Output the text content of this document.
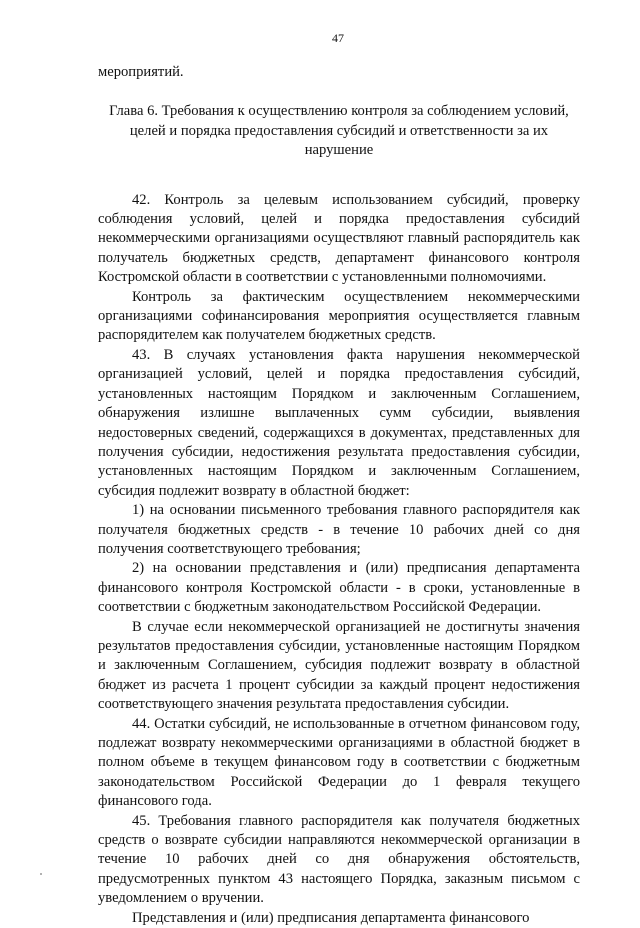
47

мероприятий.

Глава 6. Требования к осуществлению контроля за соблюдением условий, целей и порядка предоставления субсидий и ответственности за их нарушение

42. Контроль за целевым использованием субсидий, проверку соблюдения условий, целей и порядка предоставления субсидий некоммерческими организациями осуществляют главный распорядитель как получатель бюджетных средств, департамент финансового контроля Костромской области в соответствии с установленными полномочиями.

Контроль за фактическим осуществлением некоммерческими организациями софинансирования мероприятия осуществляется главным распорядителем как получателем бюджетных средств.

43. В случаях установления факта нарушения некоммерческой организацией условий, целей и порядка предоставления субсидий, установленных настоящим Порядком и заключенным Соглашением, обнаружения излишне выплаченных сумм субсидии, выявления недостоверных сведений, содержащихся в документах, представленных для получения субсидии, недостижения результата предоставления субсидии, установленных настоящим Порядком и заключенным Соглашением, субсидия подлежит возврату в областной бюджет:

1) на основании письменного требования главного распорядителя как получателя бюджетных средств - в течение 10 рабочих дней со дня получения соответствующего требования;

2) на основании представления и (или) предписания департамента финансового контроля Костромской области - в сроки, установленные в соответствии с бюджетным законодательством Российской Федерации.

В случае если некоммерческой организацией не достигнуты значения результатов предоставления субсидии, установленные настоящим Порядком и заключенным Соглашением, субсидия подлежит возврату в областной бюджет из расчета 1 процент субсидии за каждый процент недостижения соответствующего значения результата предоставления субсидии.

44. Остатки субсидий, не использованные в отчетном финансовом году, подлежат возврату некоммерческими организациями в областной бюджет в полном объеме в текущем финансовом году в соответствии с бюджетным законодательством Российской Федерации до 1 февраля текущего финансового года.

45. Требования главного распорядителя как получателя бюджетных средств о возврате субсидии направляются некоммерческой организации в течение 10 рабочих дней со дня обнаружения обстоятельств, предусмотренных пунктом 43 настоящего Порядка, заказным письмом с уведомлением о вручении.

Представления и (или) предписания департамента финансового
